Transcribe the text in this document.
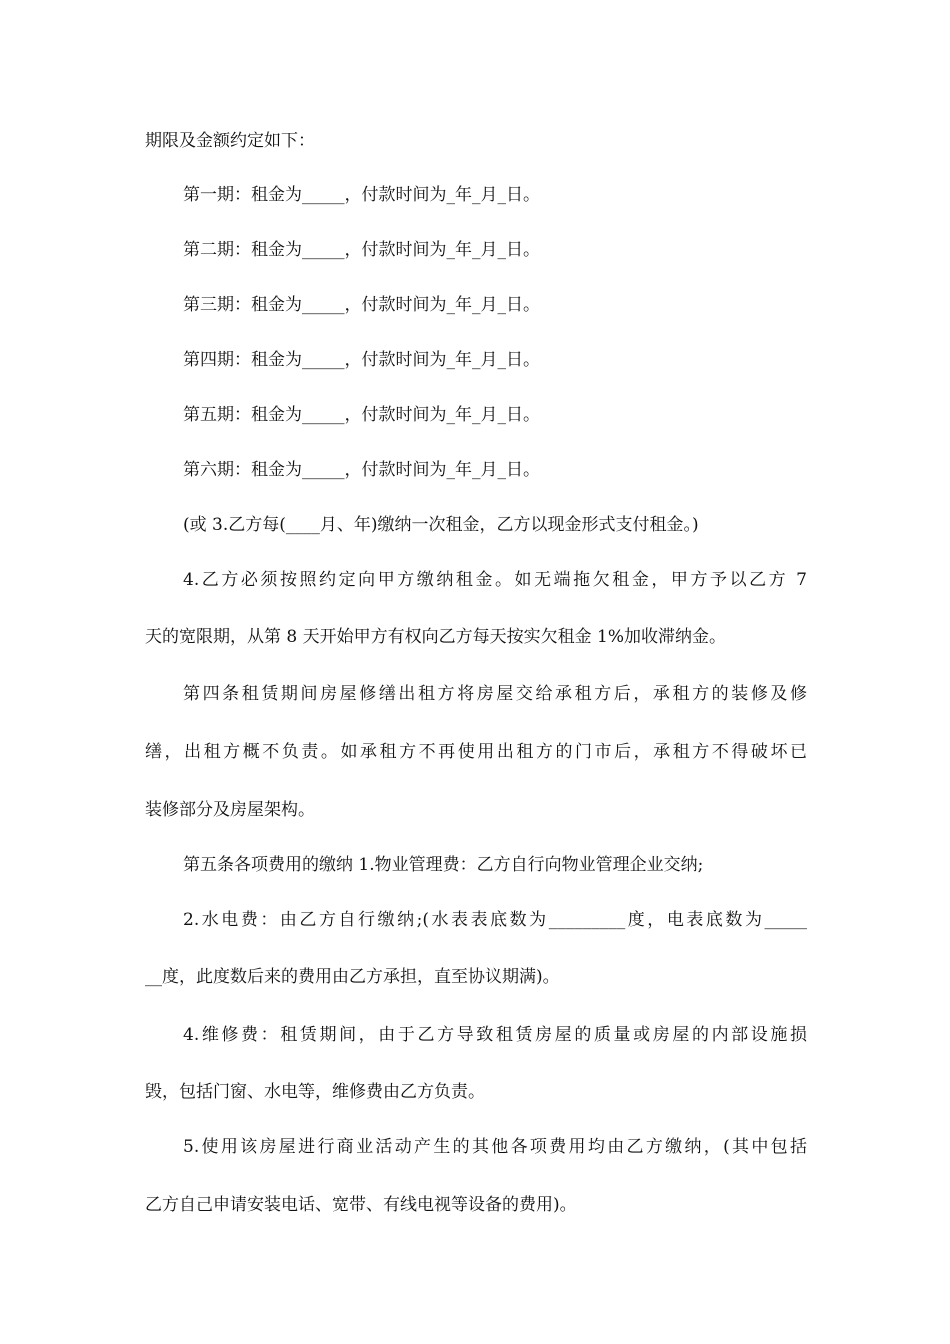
期限及金额约定如下：
第一期：租金为_____，付款时间为_年_月_日。
第二期：租金为_____，付款时间为_年_月_日。
第三期：租金为_____，付款时间为_年_月_日。
第四期：租金为_____，付款时间为_年_月_日。
第五期：租金为_____，付款时间为_年_月_日。
第六期：租金为_____，付款时间为_年_月_日。
(或 3.乙方每(____月、年)缴纳一次租金，乙方以现金形式支付租金。)
4.乙方必须按照约定向甲方缴纳租金。如无端拖欠租金，甲方予以乙方 7
天的宽限期，从第 8 天开始甲方有权向乙方每天按实欠租金 1%加收滞纳金。
第四条租赁期间房屋修缮出租方将房屋交给承租方后，承租方的装修及修
缮，出租方概不负责。如承租方不再使用出租方的门市后，承租方不得破坏已
装修部分及房屋架构。
第五条各项费用的缴纳 1.物业管理费：乙方自行向物业管理企业交纳;
2.水电费：由乙方自行缴纳;(水表表底数为_________度，电表底数为_____
__度，此度数后来的费用由乙方承担，直至协议期满)。
4.维修费：租赁期间，由于乙方导致租赁房屋的质量或房屋的内部设施损
毁，包括门窗、水电等，维修费由乙方负责。
5.使用该房屋进行商业活动产生的其他各项费用均由乙方缴纳，(其中包括
乙方自己申请安装电话、宽带、有线电视等设备的费用)。
